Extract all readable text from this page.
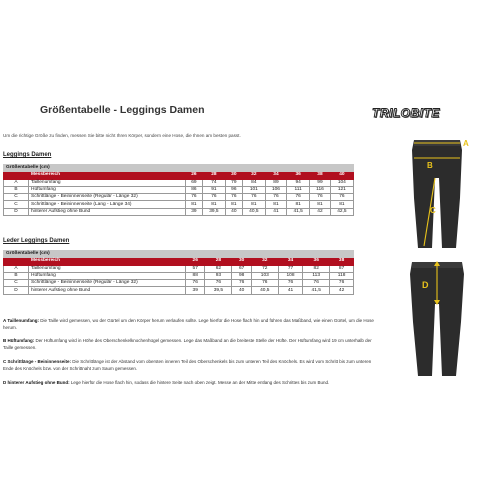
Größentabelle - Leggings Damen	TRILOBITE
Um die richtige Größe zu finden, messen Sie bitte nicht Ihren Körper, sondern eine Hose, die Ihnen am besten passt.
Leggings Damen
Größentabelle (cm)									
	Messbereich	26	28	30	32	34	36	38	40
A	Taillenumfang	69	74	79	84	89	94	99	104
B	Hüftumfang	86	91	96	101	106	111	116	121
C	Schrittlänge - Beininnenseite (Regulär - Länge 32)	76	76	76	76	76	76	76	76
C	Schrittlänge - Beininnenseite (Lang - Länge 34)	81	81	81	81	81	81	81	81
D	hinterer Aufstieg ohne Bund	39	39,5	40	40,5	41	41,5	42	42,5
Leder Leggings Damen
Größentabelle (cm)								
	Messbereich	26	28	30	32	34	36	38
A	Taillenumfang	57	62	67	72	77	82	87
B	Hüftumfang	88	93	98	103	108	113	118
C	Schrittlänge - Beininnenseite (Regulär - Länge 32)	76	76	76	76	76	76	76
D	hinterer Aufstieg ohne Bund	39	39,5	40	40,5	41	41,5	42
A Taillenumfang: Die Taille wird gemessen, wo der Gürtel um den Körper herum verlaufen sollte. Lege hierfür die Hose flach hin und führen das Maßband, wie einen Gürtel, um die Hose herum.
B Hüftumfang: Der Hüftumfang wird in Höhe des Oberschenkelknochenhügel gemessen. Lege das Maßband an die breiteste Stelle der Hüfte. Der Hüftumfang wird 19 cm unterhalb der Taille gemessen.
C Schrittlänge - Beininnenseite: Die Schrittlänge ist der Abstand vom obersten inneren Teil des Oberschenkels bis zum unteren Teil des Knöchels. Es wird vom Schritt bis zum unteren Ende des Knöchels bzw. von der Schrittnaht zum Saum gemessen.
D hinterer Aufstieg ohne Bund: Lege hierfür die Hose flach hin, sodass die hintere Seite nach oben zeigt. Messe an der Mitte entlang des Schrittes bis zum Bund.
A
B
C
D
